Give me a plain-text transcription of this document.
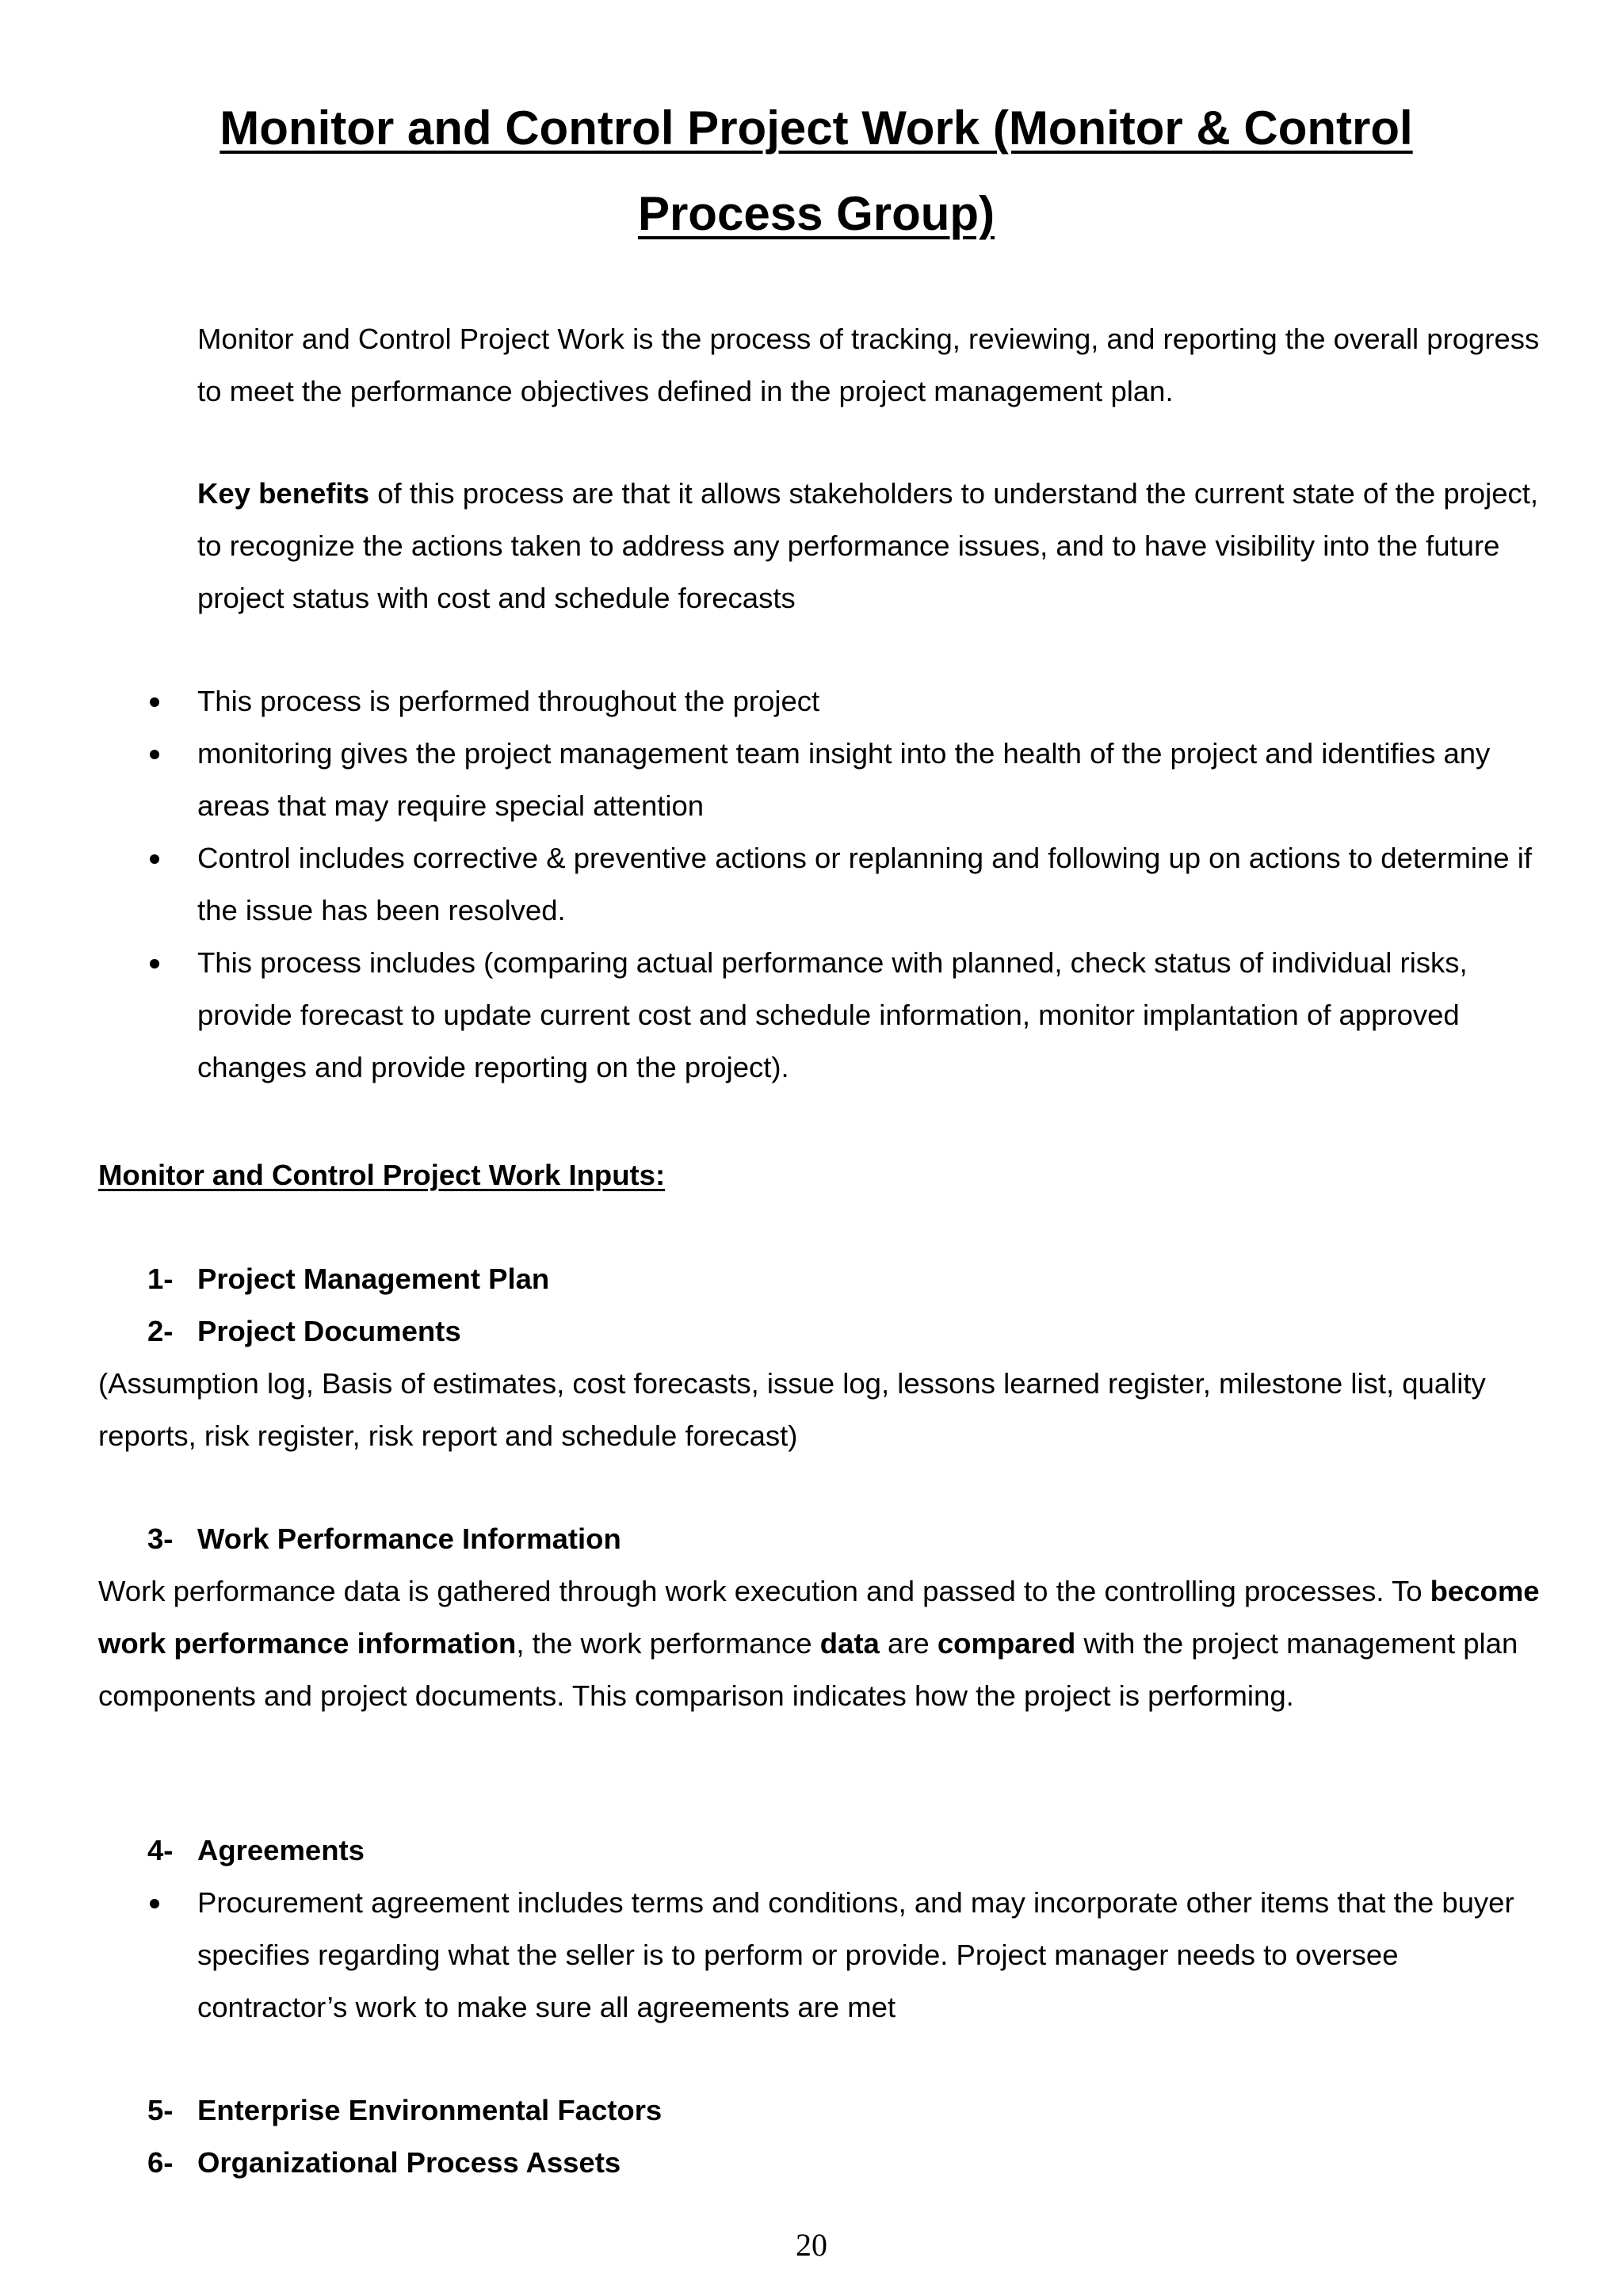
Monitor and Control Project Work (Monitor & Control Process Group)

Monitor and Control Project Work is the process of tracking, reviewing, and reporting the overall progress to meet the performance objectives defined in the project management plan.

Key benefits of this process are that it allows stakeholders to understand the current state of the project, to recognize the actions taken to address any performance issues, and to have visibility into the future project status with cost and schedule forecasts

This process is performed throughout the project
monitoring gives the project management team insight into the health of the project and identifies any areas that may require special attention
Control includes corrective & preventive actions or replanning and following up on actions to determine if the issue has been resolved.
This process includes (comparing actual performance with planned, check status of individual risks, provide forecast to update current cost and schedule information, monitor implantation of approved changes and provide reporting on the project).
Monitor and Control Project Work Inputs:

1- Project Management Plan

2- Project Documents

(Assumption log, Basis of estimates, cost forecasts, issue log, lessons learned register, milestone list, quality reports, risk register, risk report and schedule forecast)

3- Work Performance Information

Work performance data is gathered through work execution and passed to the controlling processes. To become work performance information, the work performance data are compared with the project management plan components and project documents. This comparison indicates how the project is performing.

4- Agreements

Procurement agreement includes terms and conditions, and may incorporate other items that the buyer specifies regarding what the seller is to perform or provide. Project manager needs to oversee contractor’s work to make sure all agreements are met

5- Enterprise Environmental Factors

6- Organizational Process Assets

20
